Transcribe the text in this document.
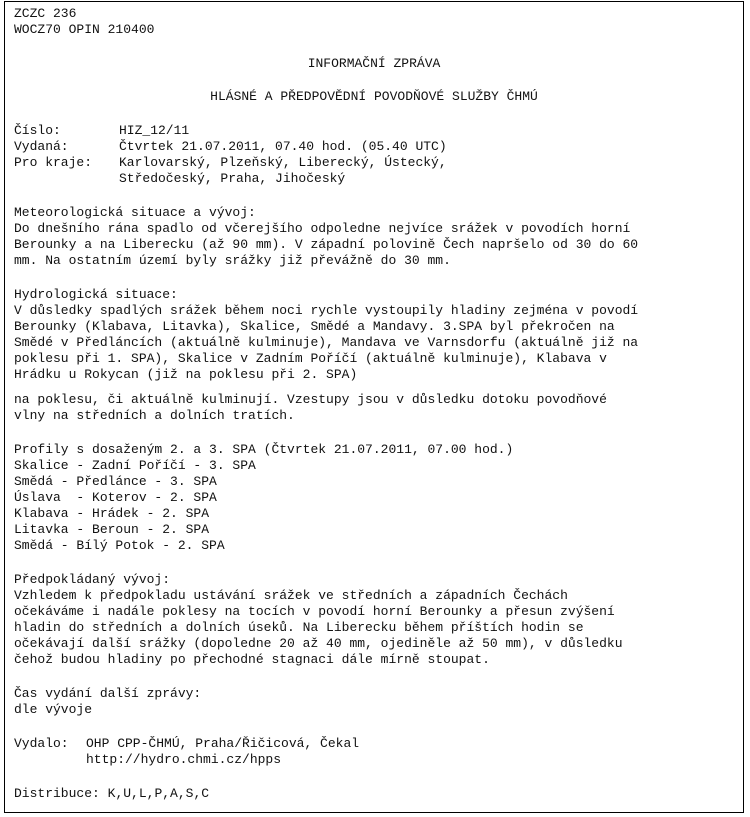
ZCZC 236
WOCZ70 OPIN 210400
INFORMAČNÍ ZPRÁVA
HLÁSNÉ A PŘEDPOVĚDNÍ POVODŇOVÉ SLUŽBY ČHMÚ
Číslo:	HIZ_12/11
Vydaná:	Čtvrtek 21.07.2011, 07.40 hod. (05.40 UTC)
Pro kraje: Karlovarský, Plzeňský, Liberecký, Ústecký,
Středočeský, Praha, Jihočeský
Meteorologická situace a vývoj:
Do dnešního rána spadlo od včerejšího odpoledne nejvíce srážek v povodích horní
Berounky a na Liberecku (až 90 mm). V západní polovině Čech napršelo od 30 do 60
mm. Na ostatním území byly srážky již převážně do 30 mm.
Hydrologická situace:
V důsledky spadlých srážek během noci rychle vystoupily hladiny zejména v povodí
Berounky (Klabava, Litavka), Skalice, Smědé a Mandavy. 3.SPA byl překročen na
Smědé v Předláncích (aktuálně kulminuje), Mandava ve Varnsdorfu (aktuálně již na
poklesu při 1. SPA), Skalice v Zadním Poříčí (aktuálně kulminuje), Klabava v
Hrádku u Rokycan (již na poklesu při 2. SPA)
na poklesu, či aktuálně kulminují. Vzestupy jsou v důsledku dotoku povodňové
vlny na středních a dolních tratích.
Profily s dosaženým 2. a 3. SPA (Čtvrtek 21.07.2011, 07.00 hod.)
Skalice - Zadní Poříčí - 3. SPA
Smědá - Předlánce - 3. SPA
Úslava  - Koterov - 2. SPA
Klabava - Hrádek - 2. SPA
Litavka - Beroun - 2. SPA
Smědá - Bílý Potok - 2. SPA
Předpokládaný vývoj:
Vzhledem k předpokladu ustávání srážek ve středních a západních Čechách
očekáváme i nadále poklesy na tocích v povodí horní Berounky a přesun zvýšení
hladin do středních a dolních úseků. Na Liberecku během příštích hodin se
očekávají další srážky (dopoledne 20 až 40 mm, ojediněle až 50 mm), v důsledku
čehož budou hladiny po přechodné stagnaci dále mírně stoupat.
Čas vydání další zprávy:
dle vývoje
Vydalo: OHP CPP-ČHMÚ, Praha/Řičicová, Čekal
http://hydro.chmi.cz/hpps
Distribuce: K,U,L,P,A,S,C
